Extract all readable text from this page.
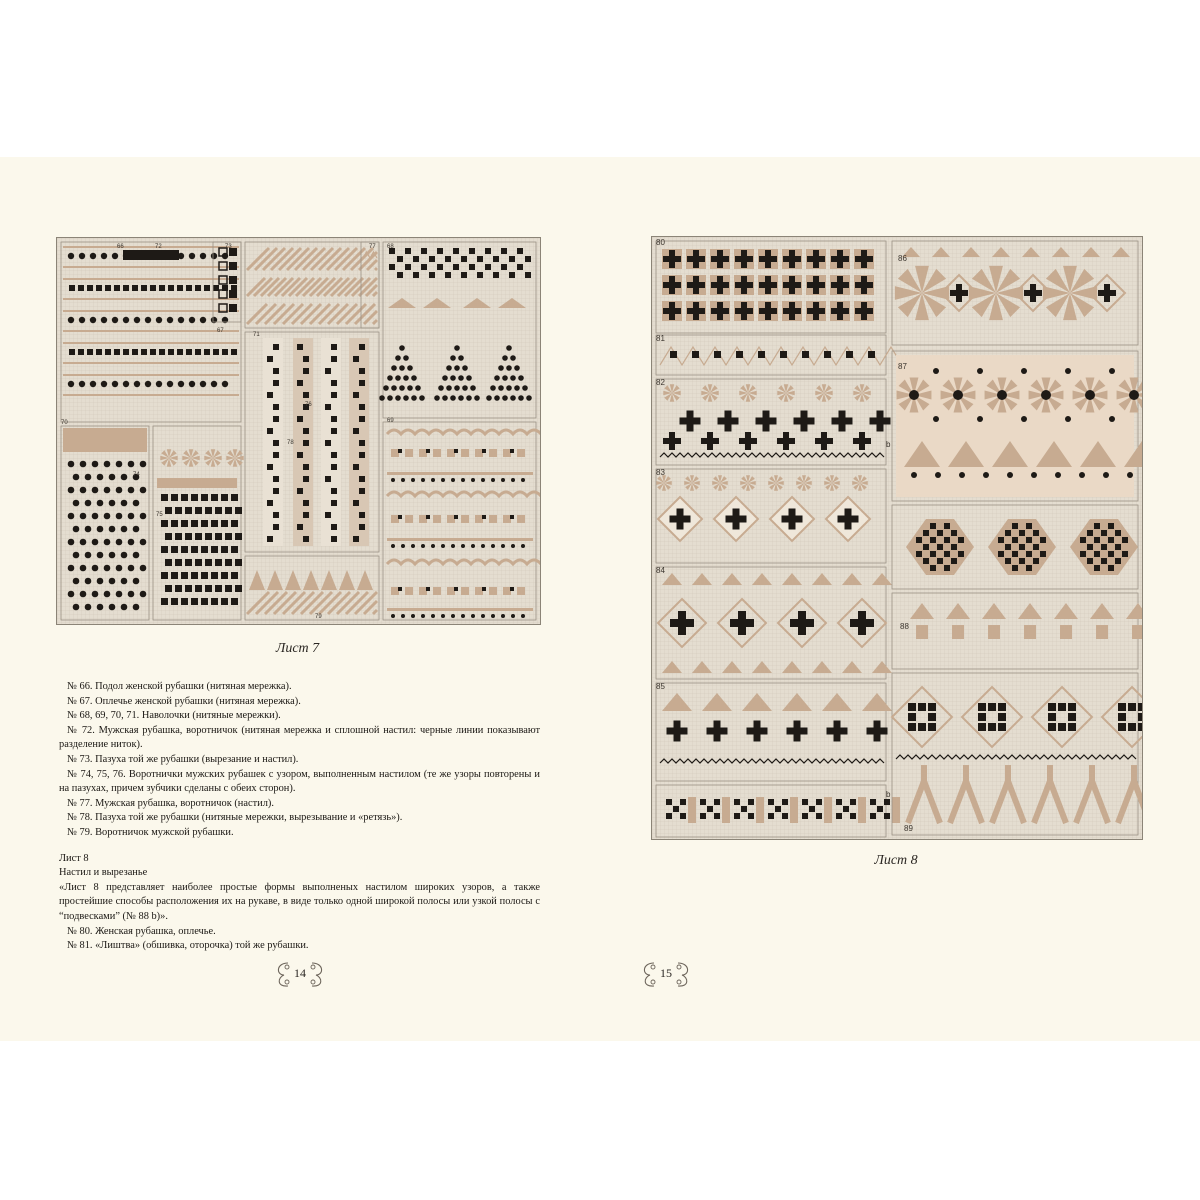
72	73
74
75
76
77
78
79
66
67
68
69
70
71
Лист 7

№ 66. Подол женской рубашки (нитяная мережка).

№ 67. Оплечье женской рубашки (нитяная мережка).

№ 68, 69, 70, 71. Наволочки (нитяные мережки).

№ 72. Мужская рубашка, воротничок (нитяная мережка и сплошной настил: черные линии показывают разделение ниток).

№ 73. Пазуха той же рубашки (вырезание и настил).

№ 74, 75, 76. Воротнички мужских рубашек с узором, выполненным настилом (те же узоры повторены и на пазухах, причем зубчики сделаны с обеих сторон).

№ 77. Мужская рубашка, воротничок (настил).

№ 78. Пазуха той же рубашки (нитяные мережки, вырезывание и «ретязь»).

№ 79. Воротничок мужской рубашки.

Лист 8

Настил и вырезанье

«Лист 8 представляет наиболее простые формы выполненых настилом широких узоров, а также простейшие способы расположения их на рукаве, в виде только одной широкой полосы или узкой полосы с “подвесками” (№ 88 b)».

№ 80. Женская рубашка, оплечье.

№ 81. «Лиштва» (обшивка, оторочка) той же рубашки.

14
80
81
82
83
84
85
86
87
88
89
b
b
Лист 8
15
